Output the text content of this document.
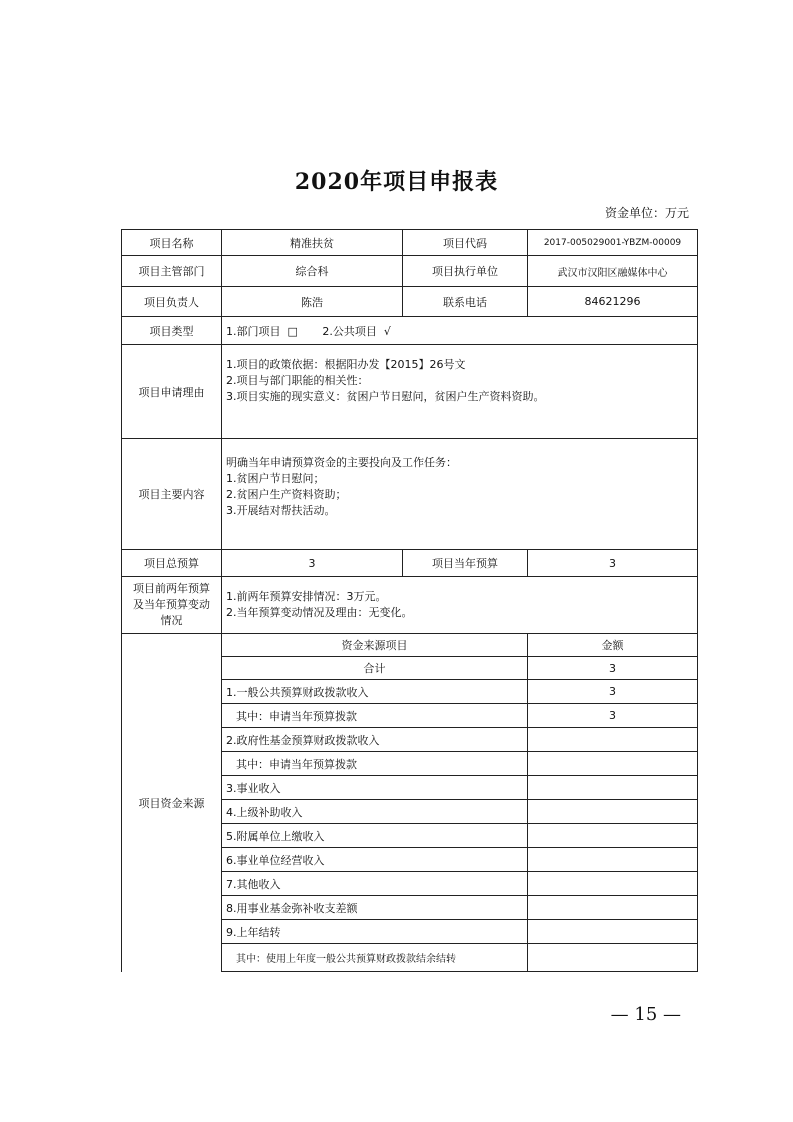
2020年项目申报表
资金单位：万元
项目名称	精准扶贫	项目代码	2017-005029001-YBZM-00009
项目主管部门	综合科	项目执行单位	武汉市汉阳区融媒体中心
项目负责人	陈浩	联系电话	84621296
项目类型	1.部门项目  □       2.公共项目  √		
项目申请理由	1.项目的政策依据：根据阳办发【2015】26号文
2.项目与部门职能的相关性：
3.项目实施的现实意义：贫困户节日慰问，贫困户生产资料资助。		

项目主要内容	明确当年申请预算资金的主要投向及工作任务：
1.贫困户节日慰问；
2.贫困户生产资料资助；
3.开展结对帮扶活动。		

项目总预算	3	项目当年预算	3
项目前两年预算及当年预算变动情况	1.前两年预算安排情况：3万元。
2.当年预算变动情况及理由：无变化。		

项目资金来源	资金来源项目		金额
	合计		3
	1.一般公共预算财政拨款收入		3
	其中：申请当年预算拨款		3
	2.政府性基金预算财政拨款收入		
	其中：申请当年预算拨款		
	3.事业收入		
	4.上级补助收入		
	5.附属单位上缴收入		
	6.事业单位经营收入		
	7.其他收入		
	8.用事业基金弥补收支差额		
	9.上年结转		
	其中：使用上年度一般公共预算财政拨款结余结转		
— 15 —
